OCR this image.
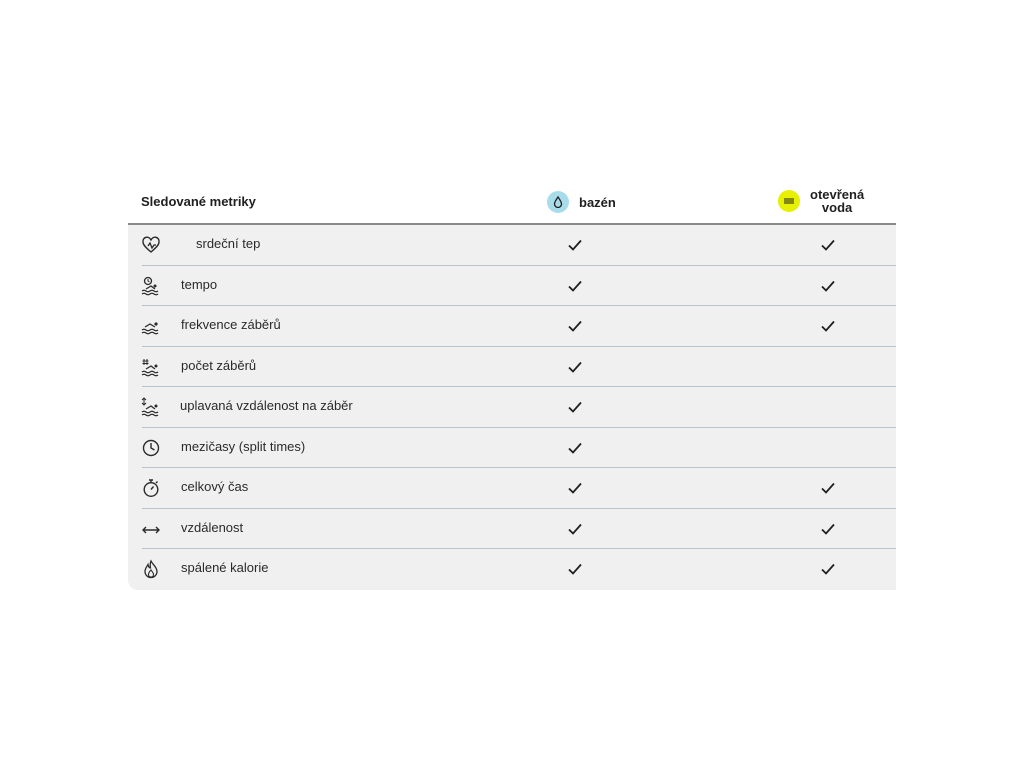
Sledované metriky	bazén	otevřená
voda
srdeční tep
tempo
frekvence záběrů
počet záběrů
uplavaná vzdálenost na záběr
mezičasy (split times)
celkový čas
vzdálenost
spálené kalorie
